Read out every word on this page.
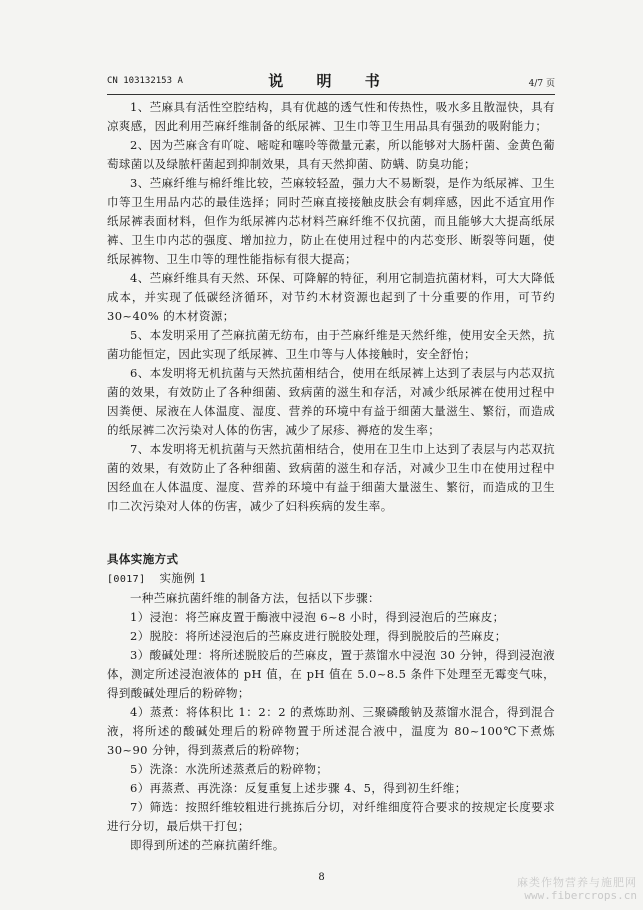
CN 103132153 A	说 明 书	4/7 页

1、苎麻具有活性空腔结构，具有优越的透气性和传热性，吸水多且散湿快，具有凉爽感，因此利用苎麻纤维制备的纸尿裤、卫生巾等卫生用品具有强劲的吸附能力；

2、因为苎麻含有吖啶、嘧啶和噻呤等微量元素，所以能够对大肠杆菌、金黄色葡萄球菌以及绿脓杆菌起到抑制效果，具有天然抑菌、防螨、防臭功能；

3、苎麻纤维与棉纤维比较，苎麻较轻盈，强力大不易断裂，是作为纸尿裤、卫生巾等卫生用品内芯的最佳选择；同时苎麻直接接触皮肤会有刺痒感，因此不适宜用作纸尿裤表面材料，但作为纸尿裤内芯材料苎麻纤维不仅抗菌，而且能够大大提高纸尿裤、卫生巾内芯的强度、增加拉力，防止在使用过程中的内芯变形、断裂等问题，使纸尿裤物、卫生巾等的理性能指标有很大提高；

4、苎麻纤维具有天然、环保、可降解的特征，利用它制造抗菌材料，可大大降低成本，并实现了低碳经济循环，对节约木材资源也起到了十分重要的作用，可节约 30~40% 的木材资源；

5、本发明采用了苎麻抗菌无纺布，由于苎麻纤维是天然纤维，使用安全天然，抗菌功能恒定，因此实现了纸尿裤、卫生巾等与人体接触时，安全舒怡；

6、本发明将无机抗菌与天然抗菌相结合，使用在纸尿裤上达到了表层与内芯双抗菌的效果，有效防止了各种细菌、致病菌的滋生和存活，对减少纸尿裤在使用过程中因粪便、尿液在人体温度、湿度、营养的环境中有益于细菌大量滋生、繁衍，而造成的纸尿裤二次污染对人体的伤害，减少了尿疹、褥疮的发生率；

7、本发明将无机抗菌与天然抗菌相结合，使用在卫生巾上达到了表层与内芯双抗菌的效果，有效防止了各种细菌、致病菌的滋生和存活，对减少卫生巾在使用过程中因经血在人体温度、湿度、营养的环境中有益于细菌大量滋生、繁衍，而造成的卫生巾二次污染对人体的伤害，减少了妇科疾病的发生率。

具体实施方式

[0017] 实施例 1

一种苎麻抗菌纤维的制备方法，包括以下步骤：

1）浸泡：将苎麻皮置于酶液中浸泡 6~8 小时，得到浸泡后的苎麻皮；

2）脱胶：将所述浸泡后的苎麻皮进行脱胶处理，得到脱胶后的苎麻皮；

3）酸碱处理：将所述脱胶后的苎麻皮，置于蒸馏水中浸泡 30 分钟，得到浸泡液体，测定所述浸泡液体的 pH 值，在 pH 值在 5.0~8.5 条件下处理至无霉变气味，得到酸碱处理后的粉碎物；

4）蒸煮：将体积比 1：2：2 的煮炼助剂、三聚磷酸钠及蒸馏水混合，得到混合液，将所述的酸碱处理后的粉碎物置于所述混合液中，温度为 80~100℃下煮炼 30~90 分钟，得到蒸煮后的粉碎物；

5）洗涤：水洗所述蒸煮后的粉碎物；

6）再蒸煮、再洗涤：反复重复上述步骤 4、5，得到初生纤维；

7）筛选：按照纤维较粗进行挑拣后分切，对纤维细度符合要求的按规定长度要求进行分切，最后烘干打包；

即得到所述的苎麻抗菌纤维。

8	麻类作物营养与施肥网
www.fibercrops.cn
